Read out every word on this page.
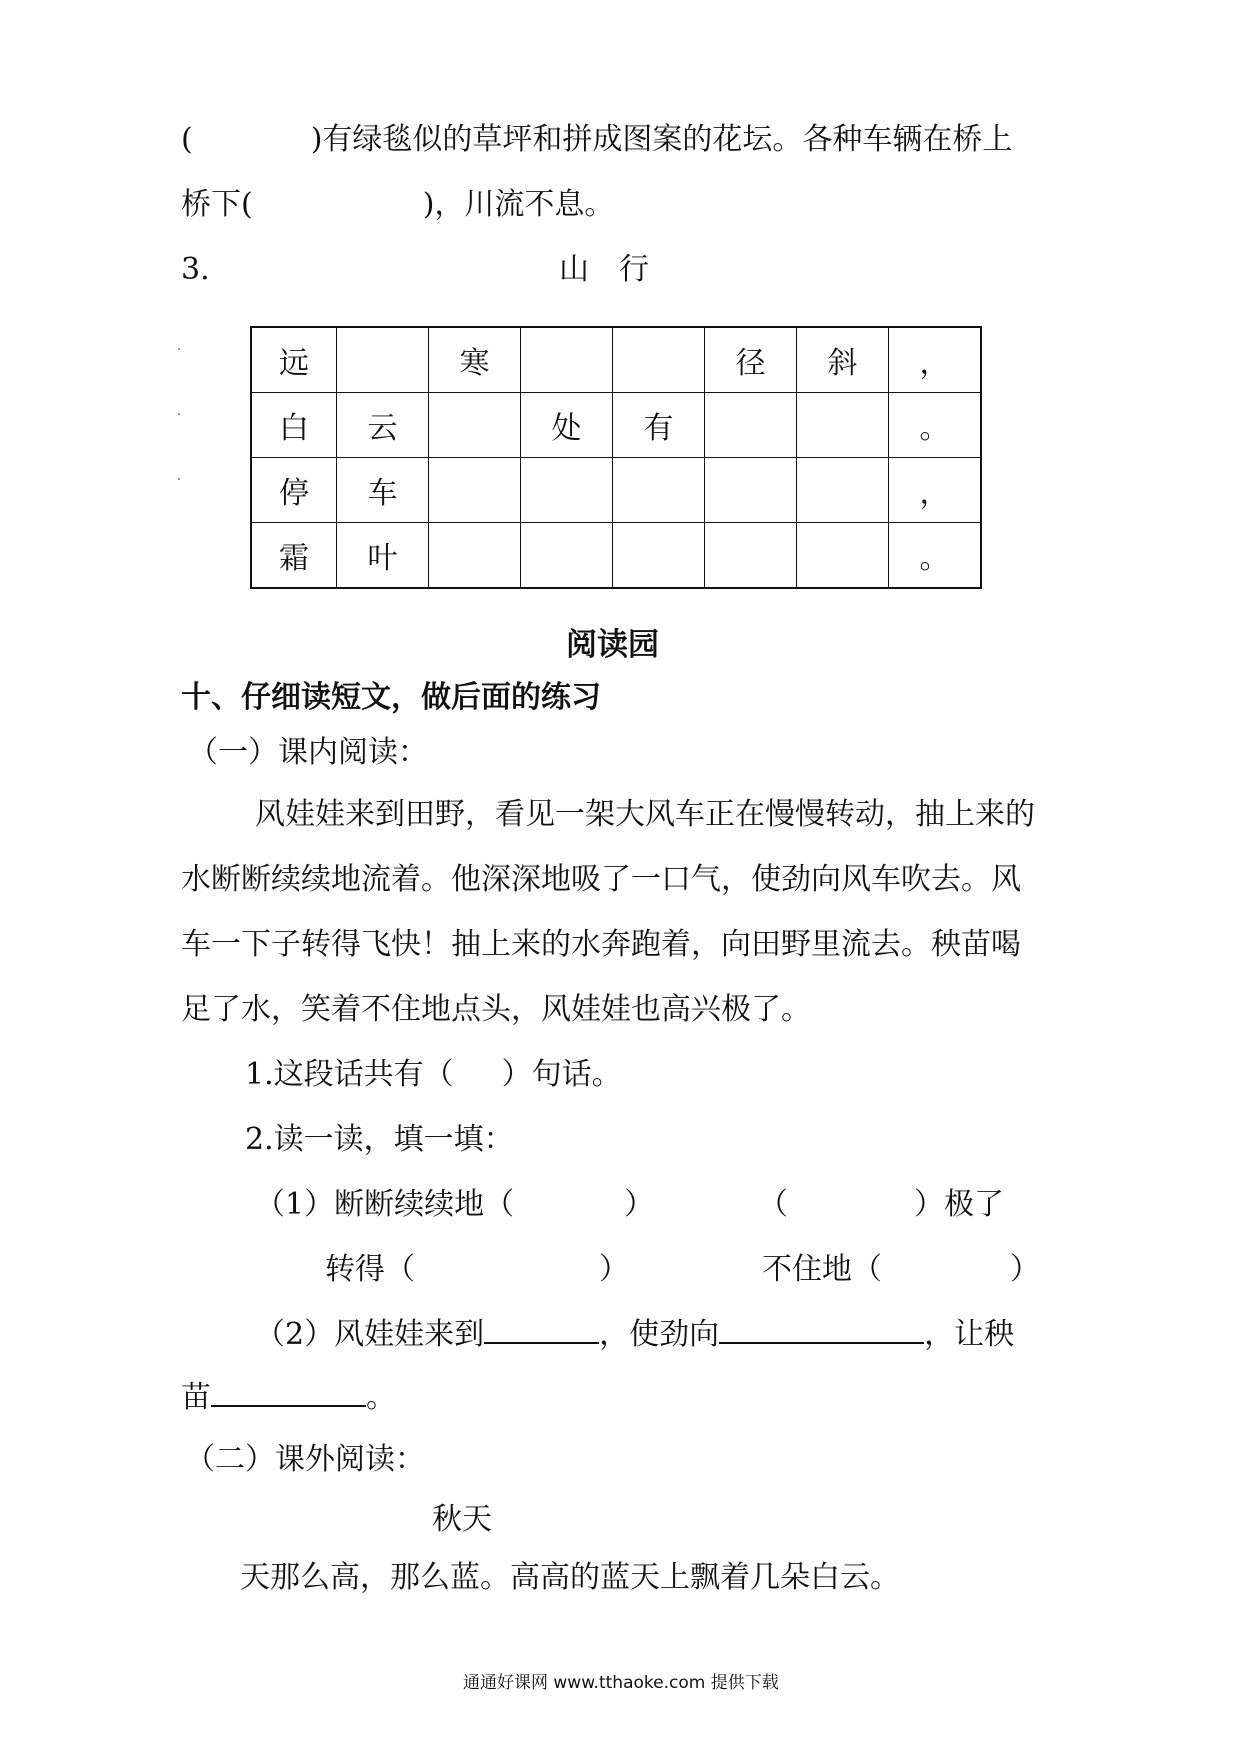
(	)有绿毯似的草坪和拼成图案的花坛。各种车辆在桥上
桥下(	)，川流不息。
3.	山　行
远		寒			径	斜	，
白	云		处	有			。
停	车						，
霜	叶						。
阅读园
十、仔细读短文，做后面的练习
（一）课内阅读：
风娃娃来到田野，看见一架大风车正在慢慢转动，抽上来的
水断断续续地流着。他深深地吸了一口气，使劲向风车吹去。风
车一下子转得飞快！抽上来的水奔跑着，向田野里流去。秧苗喝
足了水，笑着不住地点头，风娃娃也高兴极了。
1.这段话共有（ ）句话。
2.读一读，填一填：
（1）断断续续地（	）	（	）极了
转得（	）	不住地（	）
（2）风娃娃来到	，使劲向	，让秧
苗	。
（二）课外阅读：
秋天
天那么高，那么蓝。高高的蓝天上飘着几朵白云。
通通好课网 www.tthaoke.com 提供下载
